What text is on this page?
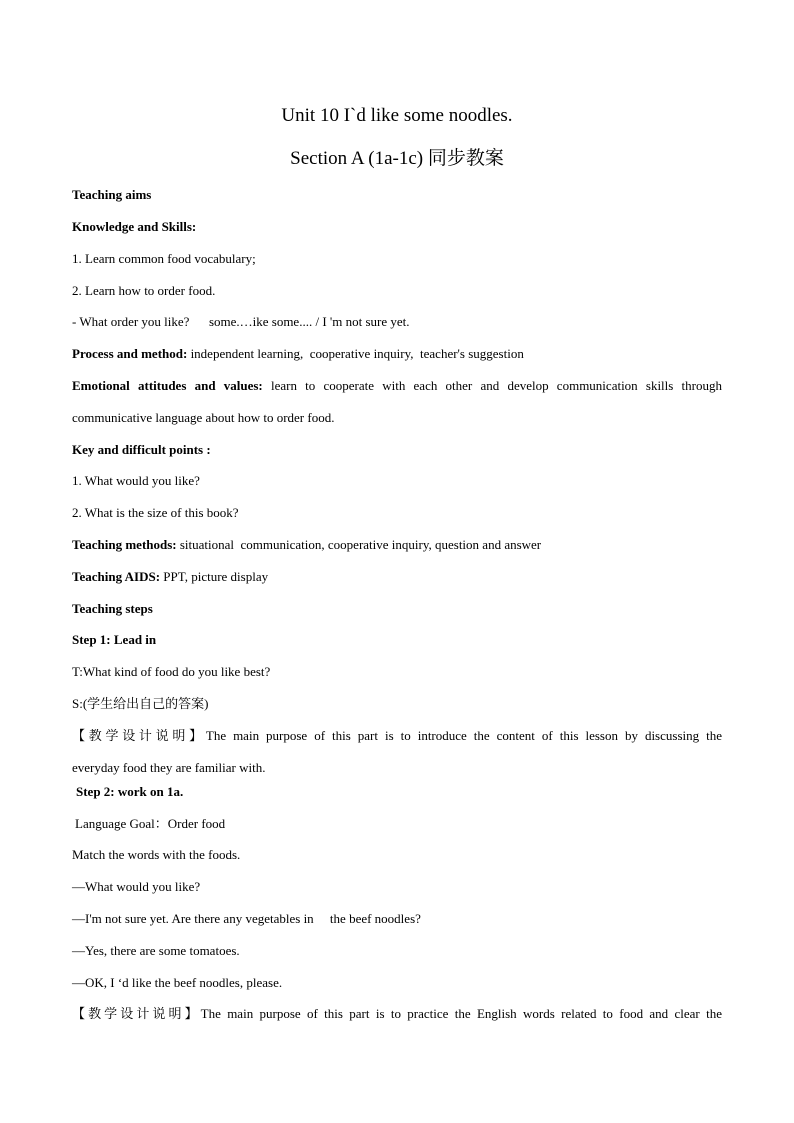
Unit 10 I`d like some noodles.
Section A (1a-1c) 同步教案
Teaching aims
Knowledge and Skills:
1. Learn common food vocabulary;
2. Learn how to order food.
- What order you like?      some.…ike some.... / I 'm not sure yet.
Process and method: independent learning,  cooperative inquiry,  teacher's suggestion
Emotional attitudes and values: learn to cooperate with each other and develop communication skills through
communicative language about how to order food.
Key and difficult points :
1. What would you like?
2. What is the size of this book?
Teaching methods: situational  communication, cooperative inquiry, question and answer
Teaching AIDS: PPT, picture display
Teaching steps
Step 1: Lead in
T:What kind of food do you like best?
S:(学生给出自己的答案)
【教学设计说明】The main purpose of this part is to introduce the content of this lesson by discussing the
everyday food they are familiar with.
Step 2: work on 1a.
Language Goal：Order food
Match the words with the foods.
—What would you like?
—I'm not sure yet. Are there any vegetables in     the beef noodles?
—Yes, there are some tomatoes.
—OK, I ‘d like the beef noodles, please.
【教学设计说明】The main purpose of this part is to practice the English words related to food and clear the
